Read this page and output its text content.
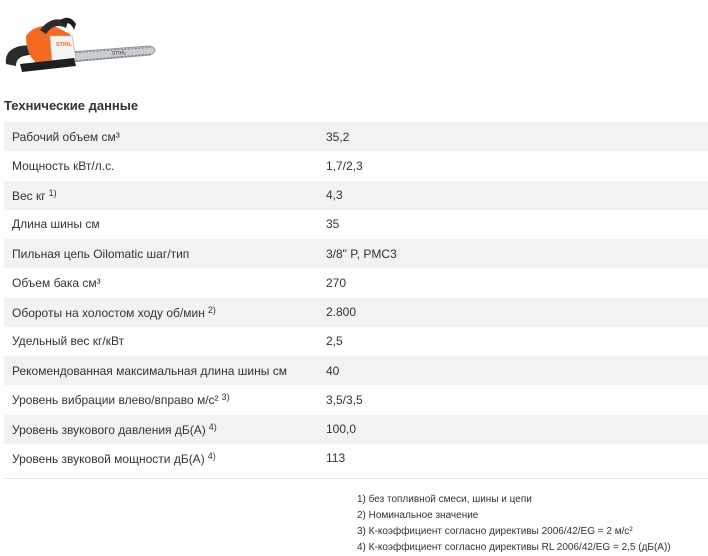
STIHL
STIHL
Технические данные
Рабочий объем см³	35,2
Мощность кВт/л.с.	1,7/2,3
Вес кг $^{1)}$	4,3
Длина шины см	35
Пильная цепь Oilomatic шаг/тип	3/8" P, PMC3
Объем бака см³	270
Обороты на холостом ходу об/мин $^{2)}$	2.800
Удельный вес кг/кВт	2,5
Рекомендованная максимальная длина шины см	40
Уровень вибрации влево/вправо м/с² $^{3)}$	3,5/3,5
Уровень звукового давления дБ(А) $^{4)}$	100,0
Уровень звуковой мощности дБ(А) $^{4)}$	113
1) без топливной смеси, шины и цепи
2) Номинальное значение
3) К-коэффициент согласно директивы 2006/42/EG = 2 м/с²
4) К-коэффициент согласно директивы RL 2006/42/EG = 2,5 (дБ(А))
